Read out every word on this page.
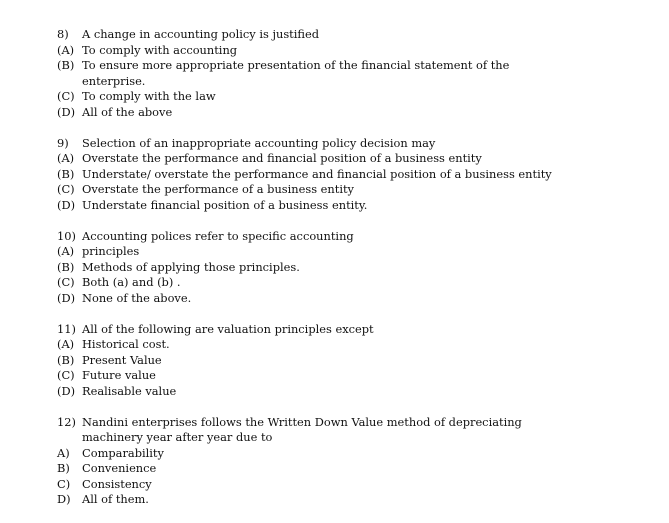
8)	A change in accounting policy is justified
(A) To comply with accounting
(B) To ensure more appropriate presentation of the financial statement of the enterprise.
(C) To comply with the law
(D) All of the above
9)	Selection of an inappropriate accounting policy decision may
(A) Overstate the performance and financial position of a business entity
(B) Understate/ overstate the performance and financial position of a business entity
(C) Overstate the performance of a business entity
(D) Understate financial position of a business entity.
10) Accounting polices refer to specific accounting
(A) principles
(B) Methods of applying those principles.
(C) Both (a) and (b) .
(D) None of the above.
11) All of the following are valuation principles except
(A) Historical cost.
(B) Present Value
(C) Future value
(D) Realisable value
12) Nandini enterprises follows the Written Down Value method of depreciating machinery year after year due to
A)	Comparability
B)	Convenience
C)	Consistency
D)	All of them.
